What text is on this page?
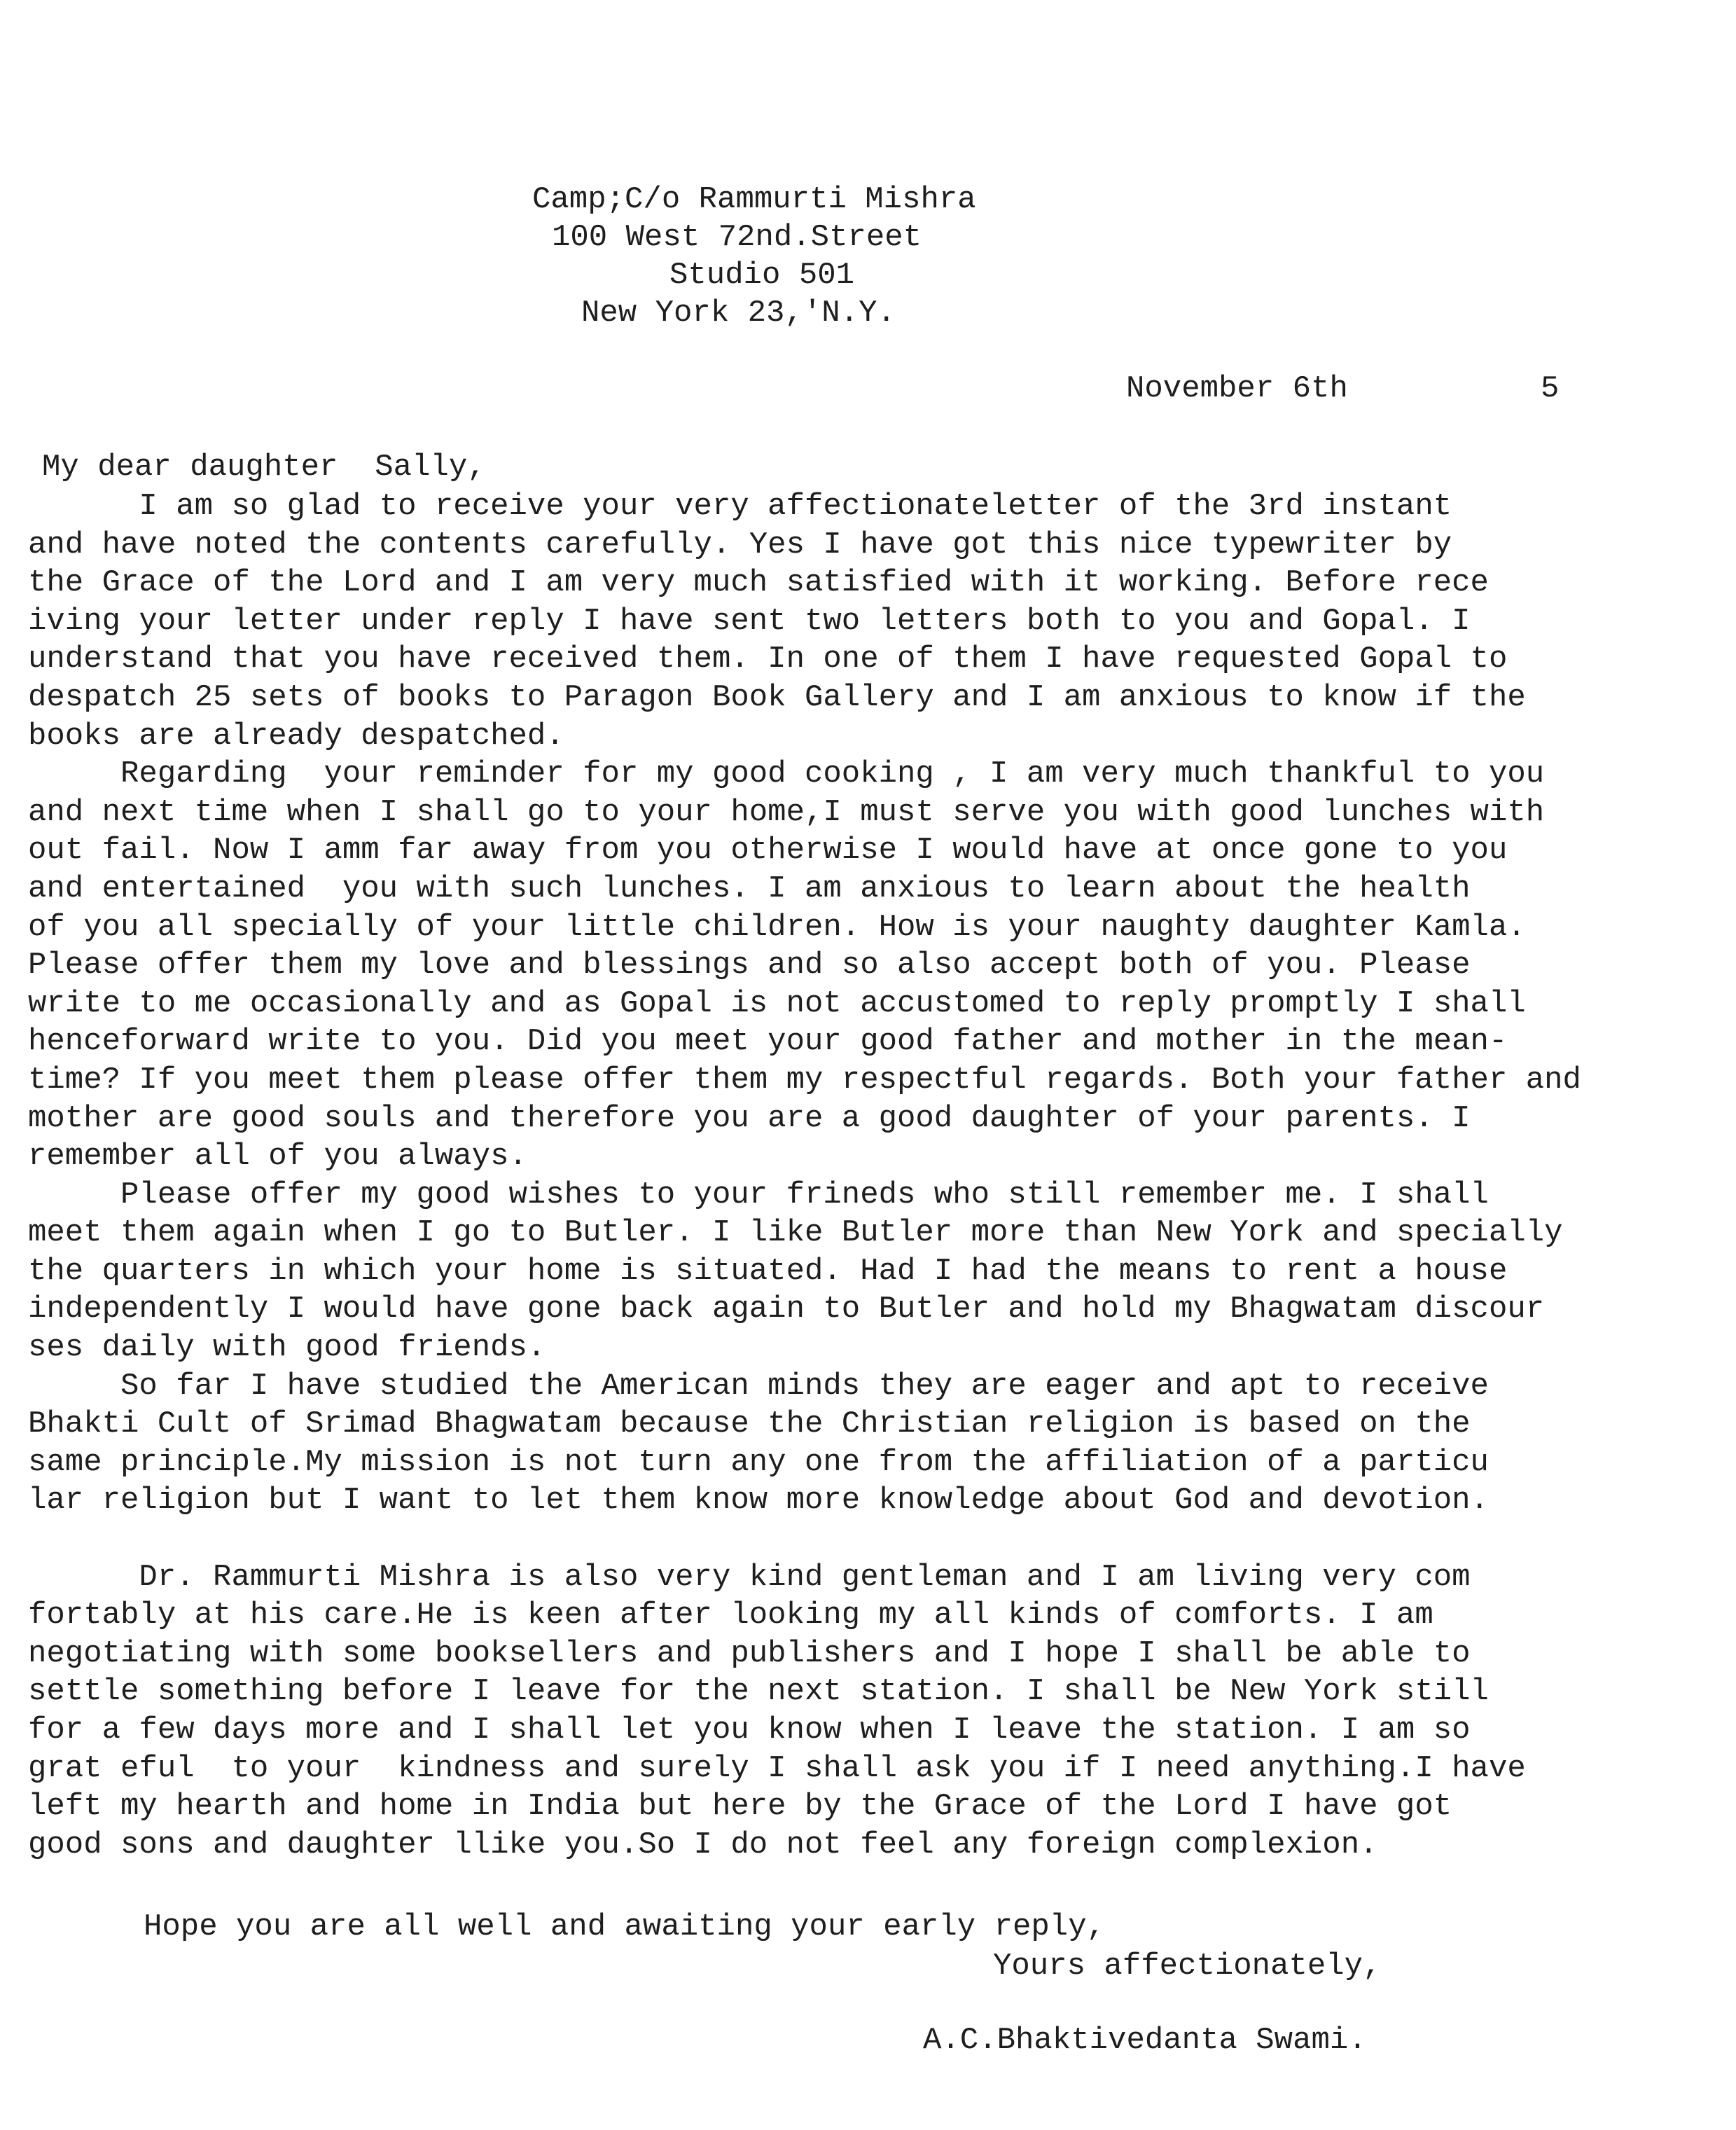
Camp;C/o Rammurti Mishra
100 West 72nd.Street
Studio 501
New York 23,'N.Y.
November 6th	5
My dear daughter  Sally,
I am so glad to receive your very affectionateletter of the 3rd instant
and have noted the contents carefully. Yes I have got this nice typewriter by
the Grace of the Lord and I am very much satisfied with it working. Before rece
iving your letter under reply I have sent two letters both to you and Gopal. I
understand that you have received them. In one of them I have requested Gopal to
despatch 25 sets of books to Paragon Book Gallery and I am anxious to know if the
books are already despatched.
Regarding  your reminder for my good cooking , I am very much thankful to you
and next time when I shall go to your home,I must serve you with good lunches with
out fail. Now I amm far away from you otherwise I would have at once gone to you
and entertained  you with such lunches. I am anxious to learn about the health
of you all specially of your little children. How is your naughty daughter Kamla.
Please offer them my love and blessings and so also accept both of you. Please
write to me occasionally and as Gopal is not accustomed to reply promptly I shall
henceforward write to you. Did you meet your good father and mother in the mean-
time? If you meet them please offer them my respectful regards. Both your father and
mother are good souls and therefore you are a good daughter of your parents. I
remember all of you always.
Please offer my good wishes to your frineds who still remember me. I shall
meet them again when I go to Butler. I like Butler more than New York and specially
the quarters in which your home is situated. Had I had the means to rent a house
independently I would have gone back again to Butler and hold my Bhagwatam discour
ses daily with good friends.
So far I have studied the American minds they are eager and apt to receive
Bhakti Cult of Srimad Bhagwatam because the Christian religion is based on the
same principle.My mission is not turn any one from the affiliation of a particu
lar religion but I want to let them know more knowledge about God and devotion.
Dr. Rammurti Mishra is also very kind gentleman and I am living very com
fortably at his care.He is keen after looking my all kinds of comforts. I am
negotiating with some booksellers and publishers and I hope I shall be able to
settle something before I leave for the next station. I shall be New York still
for a few days more and I shall let you know when I leave the station. I am so
grat eful  to your  kindness and surely I shall ask you if I need anything.I have
left my hearth and home in India but here by the Grace of the Lord I have got
good sons and daughter llike you.So I do not feel any foreign complexion.
Hope you are all well and awaiting your early reply,
Yours affectionately,
A.C.Bhaktivedanta Swami.
